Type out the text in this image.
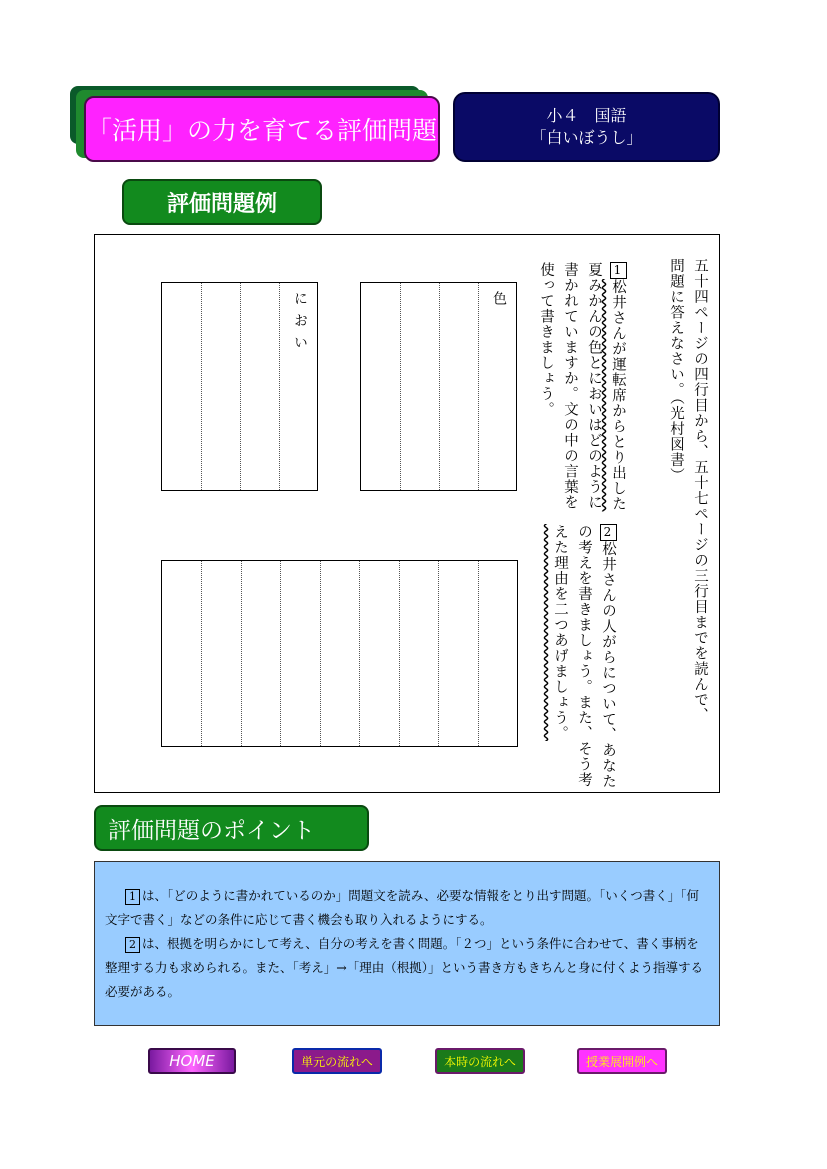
「活用」の力を育てる評価問題
小４　国語
「白いぼうし」
評価問題例
五十四ページの四行目から、五十七ページの三行目までを読んで、
問題に答えなさい。（光村図書）
1松井さんが運転席からとり出した
夏みかんの色とにおいはどのように
書かれていますか。文の中の言葉を
使って書きましょう。
2松井さんの人がらについて、あなた
の考えを書きましょう。また、そう考
えた理由を二つあげましょう。
色
におい
評価問題のポイント

1 は、「どのように書かれているのか」問題文を読み、必要な情報をとり出す問題。「いくつ書く」「何文字で書く」などの条件に応じて書く機会も取り入れるようにする。

2 は、根拠を明らかにして考え、自分の考えを書く問題。「２つ」という条件に合わせて、書く事柄を整理する力も求められる。また、「考え」→「理由（根拠）」という書き方もきちんと身に付くよう指導する必要がある。

HOME	単元の流れへ	本時の流れへ	授業展開例へ
